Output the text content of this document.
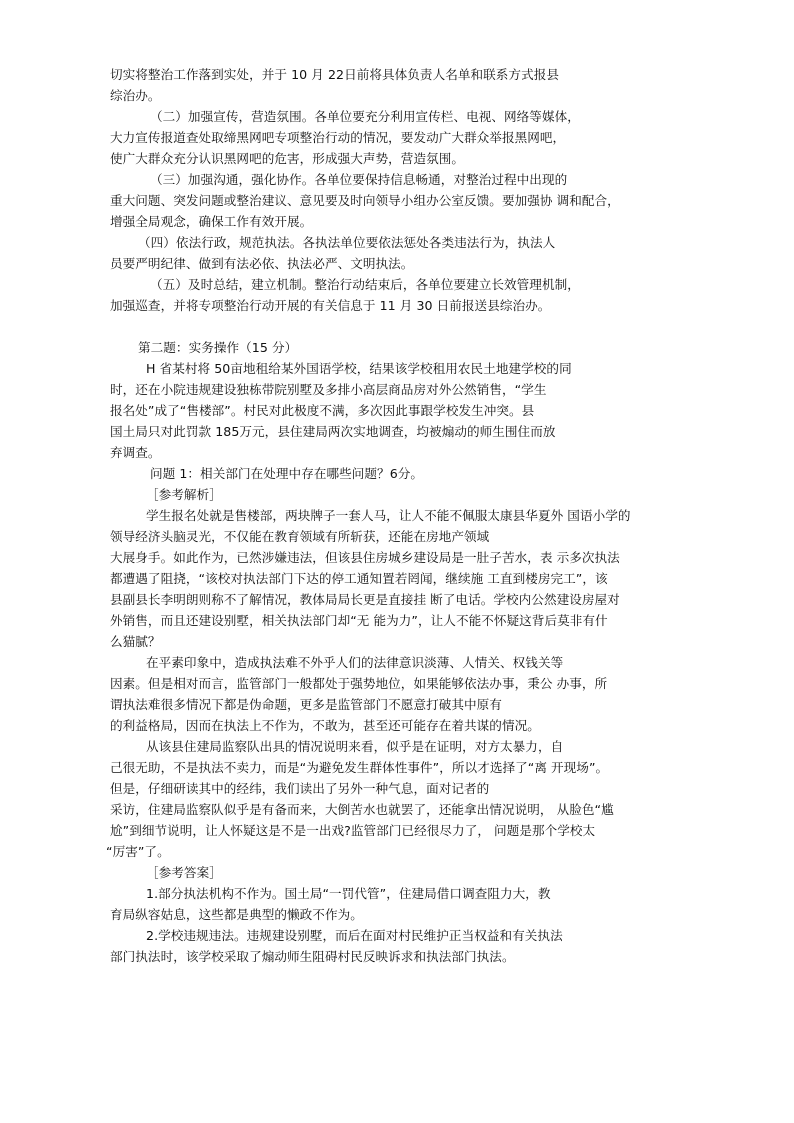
切实将整治工作落到实处，并于 10 月 22日前将具体负责人名单和联系方式报县
综治办。
（二）加强宣传，营造氛围。各单位要充分利用宣传栏、电视、网络等媒体，
大力宣传报道查处取缔黑网吧专项整治行动的情况，要发动广大群众举报黑网吧，
使广大群众充分认识黑网吧的危害，形成强大声势，营造氛围。
（三）加强沟通，强化协作。各单位要保持信息畅通，对整治过程中出现的
重大问题、突发问题或整治建议、意见要及时向领导小组办公室反馈。要加强协 调和配合，
增强全局观念，确保工作有效开展。
（四）依法行政，规范执法。各执法单位要依法惩处各类违法行为，执法人
员要严明纪律、做到有法必依、执法必严、文明执法。
（五）及时总结，建立机制。整治行动结束后，各单位要建立长效管理机制，
加强巡查，并将专项整治行动开展的有关信息于 11 月 30 日前报送县综治办。
第二题：实务操作（15 分）
H 省某村将 50亩地租给某外国语学校，结果该学校租用农民土地建学校的同
时，还在小院违规建设独栋带院别墅及多排小高层商品房对外公然销售，“学生
报名处”成了“售楼部”。村民对此极度不满，多次因此事跟学校发生冲突。县
国土局只对此罚款 185万元，县住建局两次实地调查，均被煽动的师生围住而放
弃调查。
问题 1：相关部门在处理中存在哪些问题？6分。
［参考解析］
学生报名处就是售楼部，两块牌子一套人马，让人不能不佩服太康县华夏外 国语小学的
领导经济头脑灵光，不仅能在教育领域有所斩获，还能在房地产领域
大展身手。如此作为，已然涉嫌违法，但该县住房城乡建设局是一肚子苦水，表 示多次执法
都遭遇了阻挠，“该校对执法部门下达的停工通知置若罔闻，继续施 工直到楼房完工”，该
县副县长李明朗则称不了解情况，教体局局长更是直接挂 断了电话。学校内公然建设房屋对
外销售，而且还建设别墅，相关执法部门却“无 能为力”，让人不能不怀疑这背后莫非有什
么猫腻？
在平素印象中，造成执法难不外乎人们的法律意识淡薄、人情关、权钱关等
因素。但是相对而言，监管部门一般都处于强势地位，如果能够依法办事，秉公 办事，所
谓执法难很多情况下都是伪命题，更多是监管部门不愿意打破其中原有
的利益格局，因而在执法上不作为，不敢为，甚至还可能存在着共谋的情况。
从该县住建局监察队出具的情况说明来看，似乎是在证明，对方太暴力，自
己很无助，不是执法不卖力，而是“为避免发生群体性事件”，所以才选择了“离 开现场”。
但是，仔细研读其中的经纬，我们读出了另外一种气息，面对记者的
采访，住建局监察队似乎是有备而来，大倒苦水也就罢了，还能拿出情况说明， 从脸色“尴
尬”到细节说明，让人怀疑这是不是一出戏?监管部门已经很尽力了， 问题是那个学校太
“厉害”了。
［参考答案］
1.部分执法机构不作为。国土局“一罚代管”，住建局借口调查阻力大，教
育局纵容姑息，这些都是典型的懒政不作为。
2.学校违规违法。违规建设别墅，而后在面对村民维护正当权益和有关执法
部门执法时，该学校采取了煽动师生阻碍村民反映诉求和执法部门执法。
